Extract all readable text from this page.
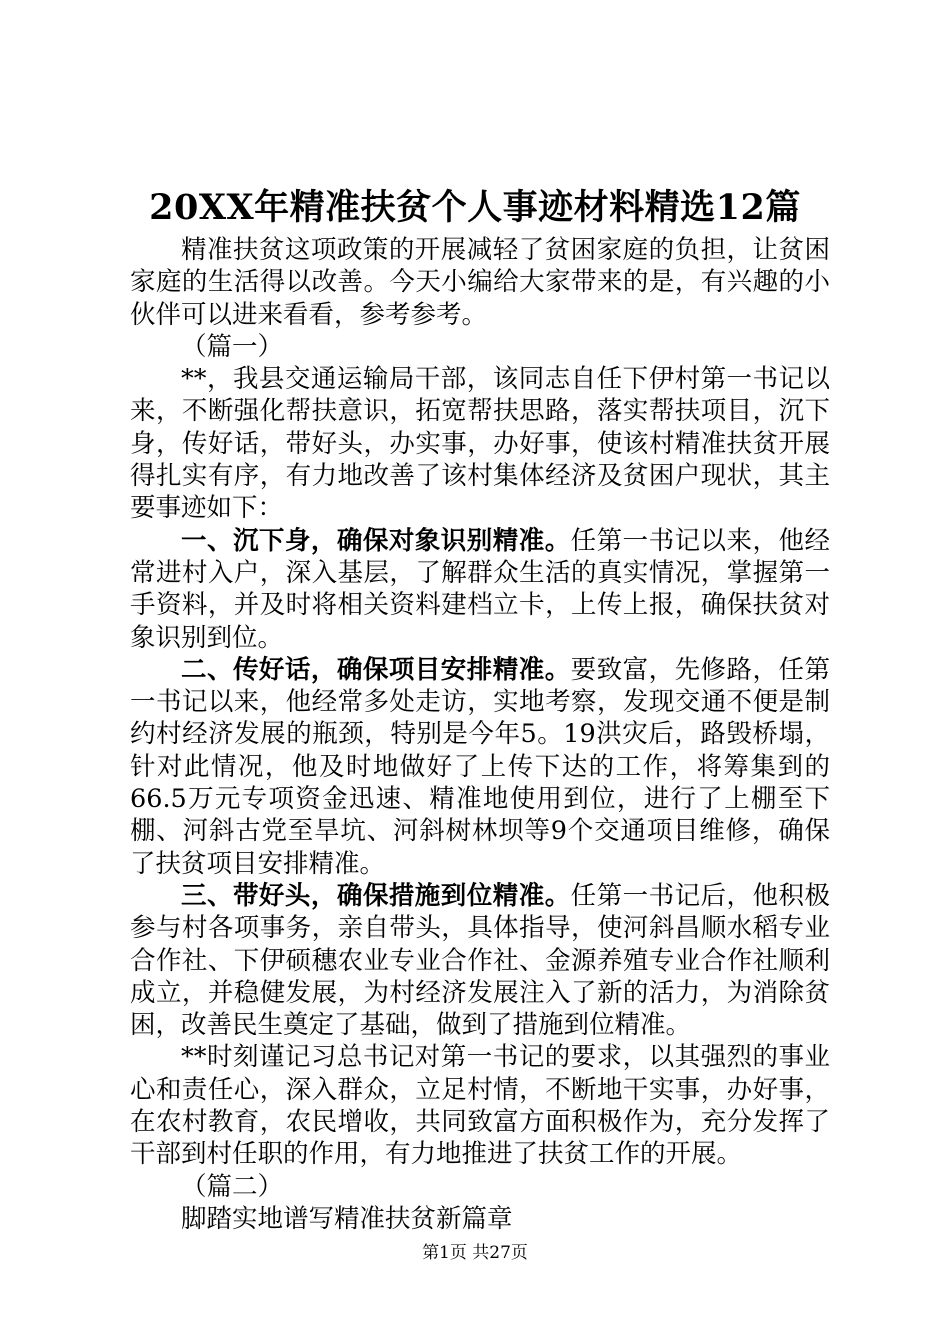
20XX年精准扶贫个人事迹材料精选12篇

精准扶贫这项政策的开展减轻了贫困家庭的负担，让贫困家庭的生活得以改善。今天小编给大家带来的是，有兴趣的小伙伴可以进来看看，参考参考。

（篇一）

**，我县交通运输局干部，该同志自任下伊村第一书记以来，不断强化帮扶意识，拓宽帮扶思路，落实帮扶项目，沉下身，传好话，带好头，办实事，办好事，使该村精准扶贫开展得扎实有序，有力地改善了该村集体经济及贫困户现状，其主要事迹如下：

一、沉下身，确保对象识别精准。任第一书记以来，他经常进村入户，深入基层，了解群众生活的真实情况，掌握第一手资料，并及时将相关资料建档立卡，上传上报，确保扶贫对象识别到位。

二、传好话，确保项目安排精准。要致富，先修路，任第一书记以来，他经常多处走访，实地考察，发现交通不便是制约村经济发展的瓶颈，特别是今年5。19洪灾后，路毁桥塌，针对此情况，他及时地做好了上传下达的工作，将筹集到的66.5万元专项资金迅速、精准地使用到位，进行了上棚至下棚、河斜古党至旱坑、河斜树林坝等9个交通项目维修，确保了扶贫项目安排精准。

三、带好头，确保措施到位精准。任第一书记后，他积极参与村各项事务，亲自带头，具体指导，使河斜昌顺水稻专业合作社、下伊硕穗农业专业合作社、金源养殖专业合作社顺利成立，并稳健发展，为村经济发展注入了新的活力，为消除贫困，改善民生奠定了基础，做到了措施到位精准。

**时刻谨记习总书记对第一书记的要求，以其强烈的事业心和责任心，深入群众，立足村情，不断地干实事，办好事，在农村教育，农民增收，共同致富方面积极作为，充分发挥了干部到村任职的作用，有力地推进了扶贫工作的开展。

（篇二）

脚踏实地谱写精准扶贫新篇章

第1页 共27页
